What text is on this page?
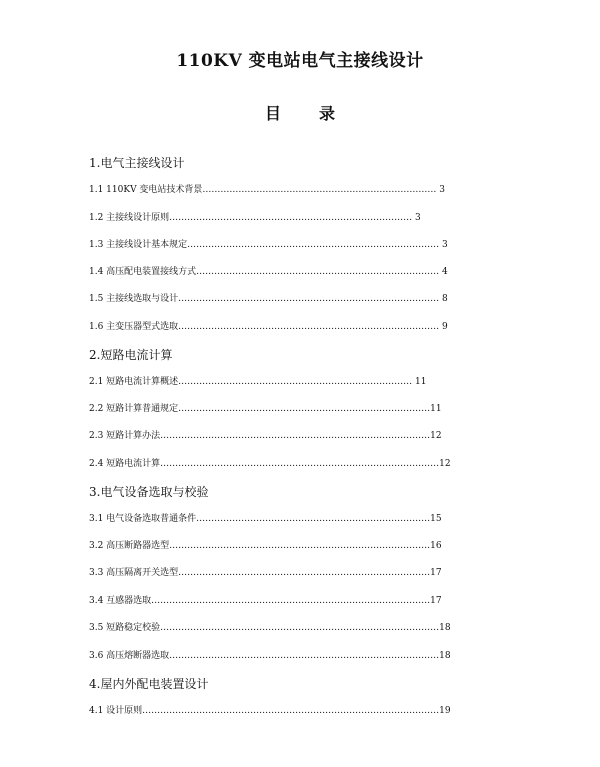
110KV 变电站电气主接线设计
目 录
1.电气主接线设计
1.1 110KV 变电站技术背景…………………………………………………………………… 3
1.2 主接线设计原则……………………………………………………………………… 3
1.3 主接线设计基本规定………………………………………………………………………… 3
1.4 高压配电装置接线方式……………………………………………………………………… 4
1.5 主接线选取与设计…………………………………………………………………………… 8
1.6 主变压器型式选取…………………………………………………………………………… 9
2.短路电流计算
2.1 短路电流计算概述…………………………………………………………………… 11
2.2 短路计算普通规定…………………………………………………………………………11
2.3 短路计算办法………………………………………………………………………………12
2.4 短路电流计算…………………………………………………………………………………12
3.电气设备选取与校验
3.1 电气设备选取普通条件……………………………………………………………………15
3.2 高压断路器选型……………………………………………………………………………16
3.3 高压隔离开关选型…………………………………………………………………………17
3.4 互感器选取…………………………………………………………………………………17
3.5 短路稳定校验…………………………………………………………………………………18
3.6 高压熔断器选取………………………………………………………………………………18
4.屋内外配电装置设计
4.1 设计原则………………………………………………………………………………………19
